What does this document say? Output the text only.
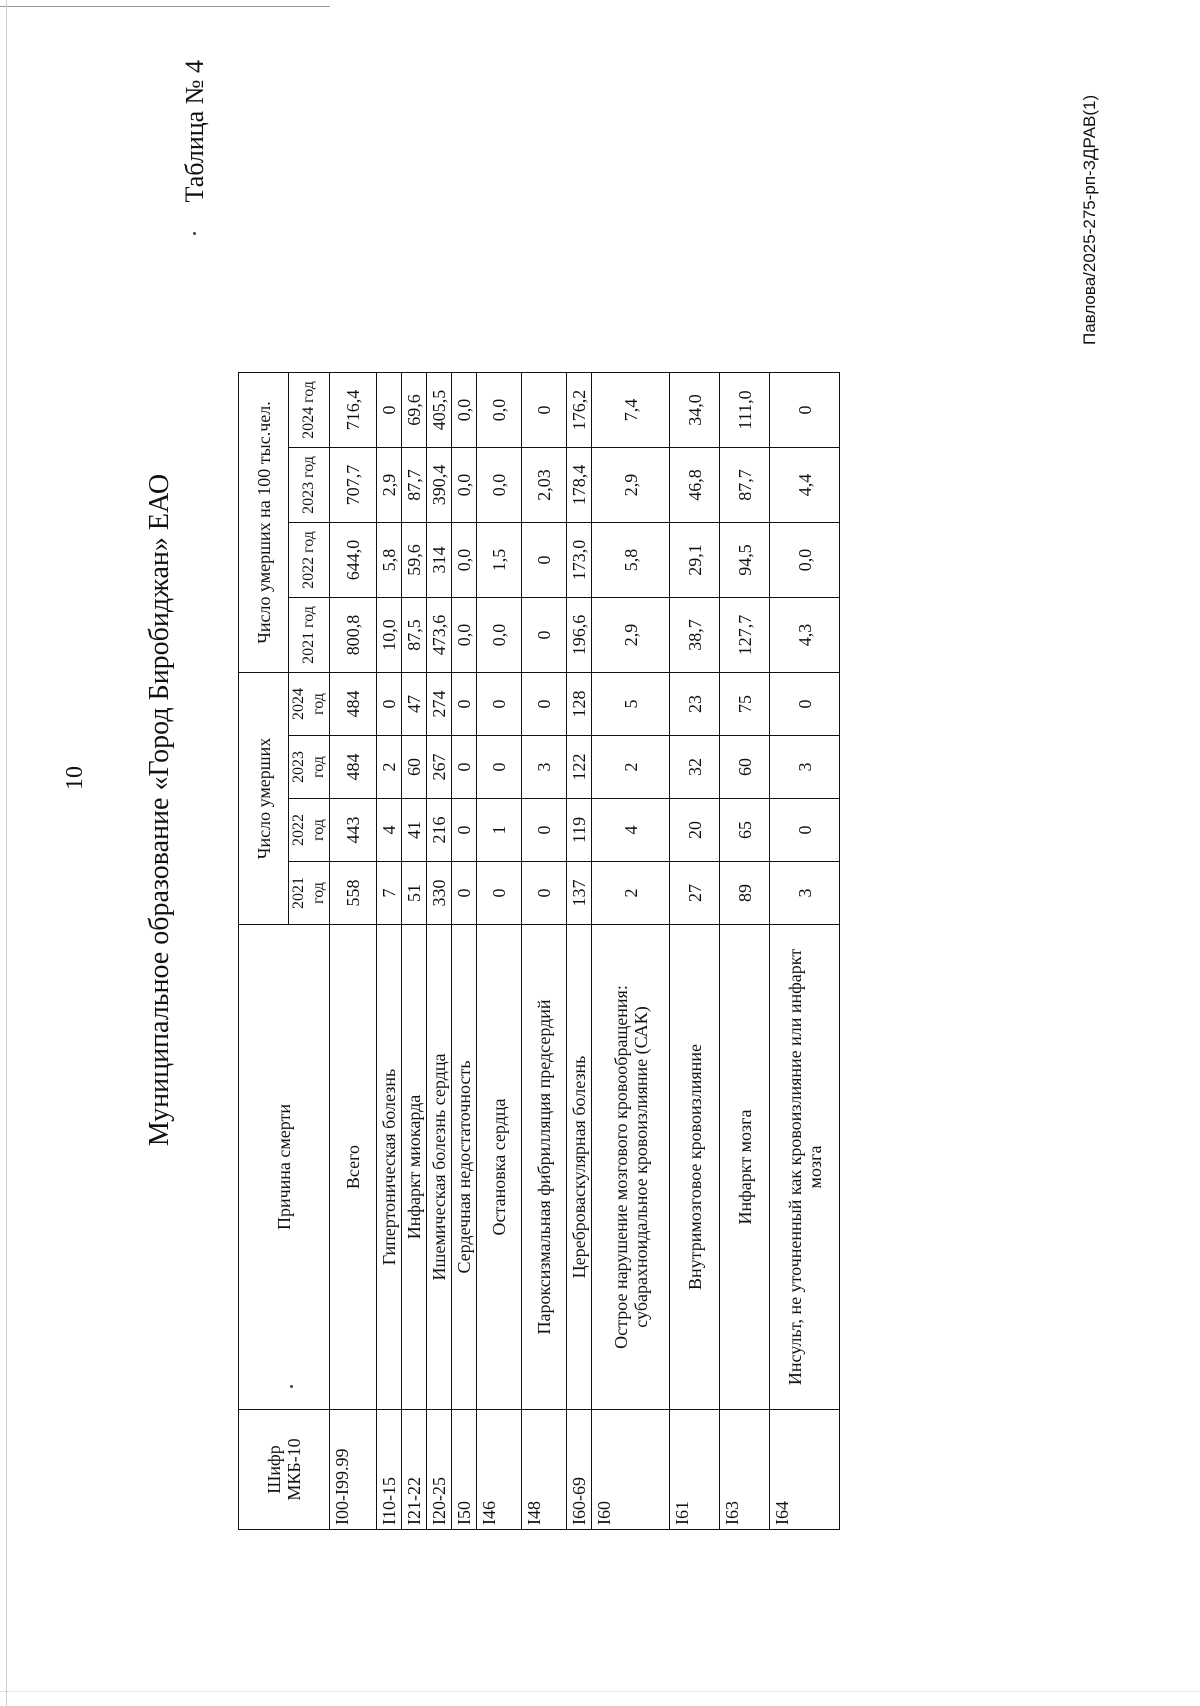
10
Павлова/2025-275-рп-ЗДРАВ(1)
Муниципальное образование «Город Биробиджан» ЕАО
Таблица № 4
Шифр МКБ-10	Причина смерти	Число умерших				Число умерших на 100 тыс.чел.			
		2021 год	2022 год	2023 год	2024 год	2021 год	2022 год	2023 год	2024 год
I00-I99.99	Всего	558	443	484	484	800,8	644,0	707,7	716,4
I10-15	Гипертоническая болезнь	7	4	2	0	10,0	5,8	2,9	0
I21-22	Инфаркт миокарда	51	41	60	47	87,5	59,6	87,7	69,6
I20-25	Ишемическая болезнь сердца	330	216	267	274	473,6	314	390,4	405,5
I50	Сердечная недостаточность	0	0	0	0	0,0	0,0	0,0	0,0
I46	Остановка сердца	0	1	0	0	0,0	1,5	0,0	0,0
I48	Пароксизмальная фибрилляция предсердий	0	0	3	0	0	0	2,03	0
I60-69	Цереброваскулярная болезнь	137	119	122	128	196,6	173,0	178,4	176,2
I60	Острое нарушение мозгового кровообращения: субарахноидальное кровоизлияние (САК)	2	4	2	5	2,9	5,8	2,9	7,4
I61	Внутримозговое кровоизлияние	27	20	32	23	38,7	29,1	46,8	34,0
I63	Инфаркт мозга	89	65	60	75	127,7	94,5	87,7	111,0
I64	Инсульт, не уточненный как кровоизлияние или инфаркт мозга	3	0	3	0	4,3	0,0	4,4	0
